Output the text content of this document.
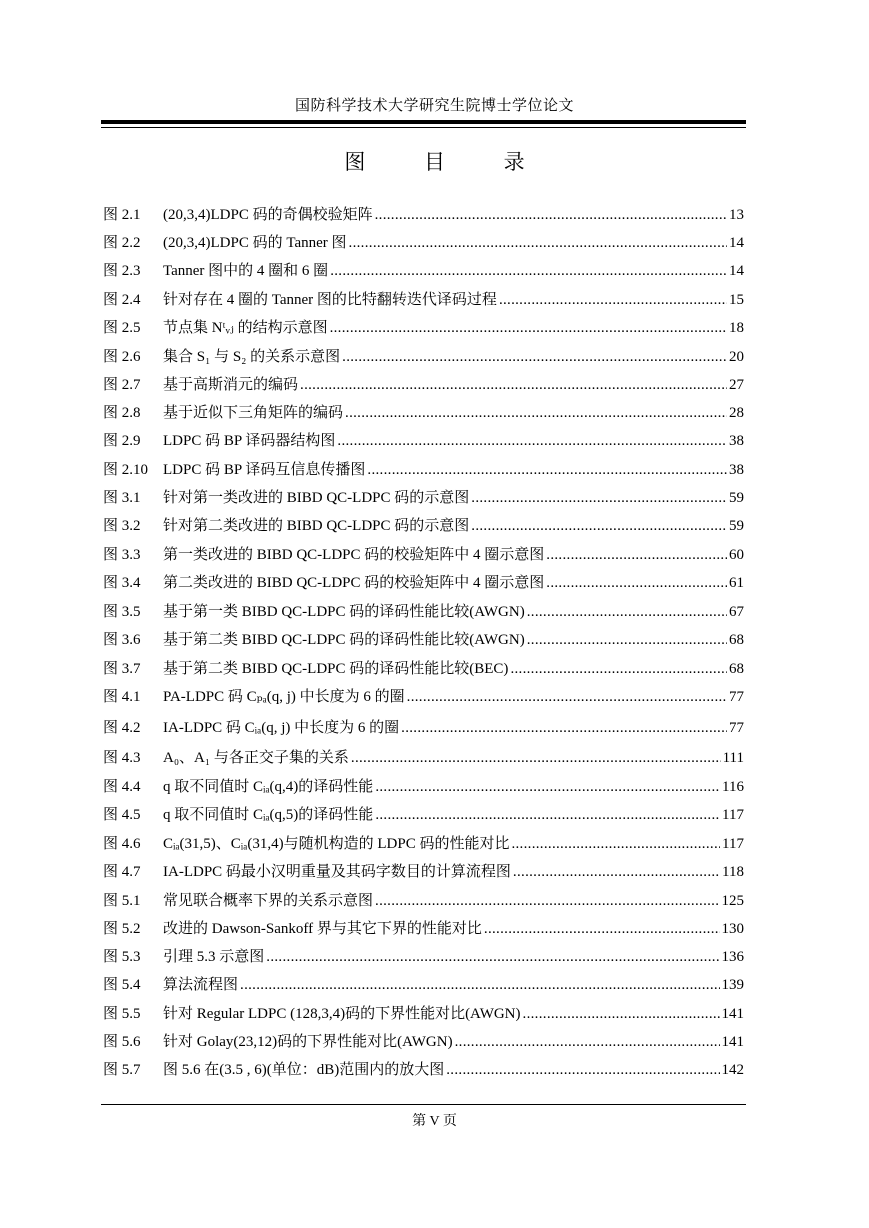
国防科学技术大学研究生院博士学位论文
图 目 录
图 2.1	(20,3,4)LDPC 码的奇偶校验矩阵 .....	13
图 2.2	(20,3,4)LDPC 码的 Tanner 图 .....	14
图 2.3	Tanner 图中的 4 圈和 6 圈 .....	14
图 2.4	针对存在 4 圈的 Tanner 图的比特翻转迭代译码过程 .....	15
图 2.5	节点集 Nᵗᵥⱼ 的结构示意图 .....	18
图 2.6	集合 S₁ 与 S₂ 的关系示意图 .....	20
图 2.7	基于高斯消元的编码 .....	27
图 2.8	基于近似下三角矩阵的编码 .....	28
图 2.9	LDPC 码 BP 译码器结构图 .....	38
图 2.10 LDPC 码 BP 译码互信息传播图 .....	38
图 3.1	针对第一类改进的 BIBD QC-LDPC 码的示意图 .....	59
图 3.2	针对第二类改进的 BIBD QC-LDPC 码的示意图 .....	59
图 3.3	第一类改进的 BIBD QC-LDPC 码的校验矩阵中 4 圈示意图 .....	60
图 3.4	第二类改进的 BIBD QC-LDPC 码的校验矩阵中 4 圈示意图 .....	61
图 3.5	基于第一类 BIBD QC-LDPC 码的译码性能比较(AWGN) .....	67
图 3.6	基于第二类 BIBD QC-LDPC 码的译码性能比较(AWGN) .....	68
图 3.7	基于第二类 BIBD QC-LDPC 码的译码性能比较(BEC) .....	68
图 4.1	PA-LDPC 码 Cₚₐ(q, j) 中长度为 6 的圈 .....	77
图 4.2	IA-LDPC 码 Cᵢₐ(q, j) 中长度为 6 的圈 .....	77
图 4.3	A₀、A₁ 与各正交子集的关系 .....	111
图 4.4	q 取不同值时 Cᵢₐ(q,4)的译码性能 .....	116
图 4.5	q 取不同值时 Cᵢₐ(q,5)的译码性能 .....	117
图 4.6	Cᵢₐ(31,5)、Cᵢₐ(31,4)与随机构造的 LDPC 码的性能对比 .....	117
图 4.7	IA-LDPC 码最小汉明重量及其码字数目的计算流程图 .....	118
图 5.1	常见联合概率下界的关系示意图 .....	125
图 5.2	改进的 Dawson-Sankoff 界与其它下界的性能对比 .....	130
图 5.3	引理 5.3 示意图 .....	136
图 5.4	算法流程图 .....	139
图 5.5	针对 Regular LDPC (128,3,4)码的下界性能对比(AWGN) .....	141
图 5.6	针对 Golay(23,12)码的下界性能对比(AWGN) .....	141
图 5.7	图 5.6 在(3.5 , 6)(单位：dB)范围内的放大图 .....	142
第 V 页
